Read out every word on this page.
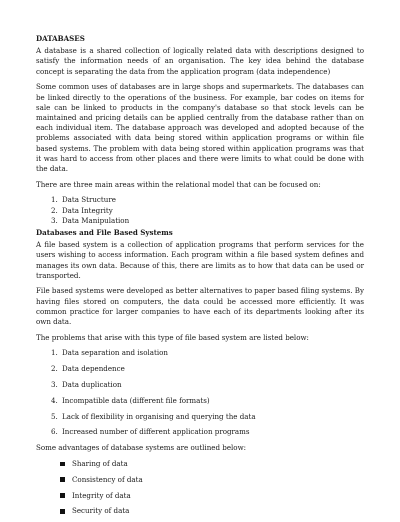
DATABASES

A database is a shared collection of logically related data with descriptions designed to satisfy the information needs of an organisation. The key idea behind the database concept is separating the data from the application program (data independence)

Some common uses of databases are in large shops and supermarkets. The databases can be linked directly to the operations of the business. For example, bar codes on items for sale can be linked to products in the company's database so that stock levels can be maintained and pricing details can be applied centrally from the database rather than on each individual item. The database approach was developed and adopted because of the problems associated with data being stored within application programs or within file based systems. The problem with data being stored within application programs was that it was hard to access from other places and there were limits to what could be done with the data.

There are three main areas within the relational model that can be focused on:

1. Data Structure
2. Data Integrity
3. Data Manipulation
Databases and File Based Systems

A file based system is a collection of application programs that perform services for the users wishing to access information. Each program within a file based system defines and manages its own data. Because of this, there are limits as to how that data can be used or transported.

File based systems were developed as better alternatives to paper based filing systems. By having files stored on computers, the data could be accessed more efficiently. It was common practice for larger companies to have each of its departments looking after its own data.

The problems that arise with this type of file based system are listed below:

1. Data separation and isolation
2. Data dependence
3. Data duplication
4. Incompatible data (different file formats)
5. Lack of flexibility in organising and querying the data
6. Increased number of different application programs

Some advantages of database systems are outlined below:

Sharing of data
Consistency of data
Integrity of data
Security of data
